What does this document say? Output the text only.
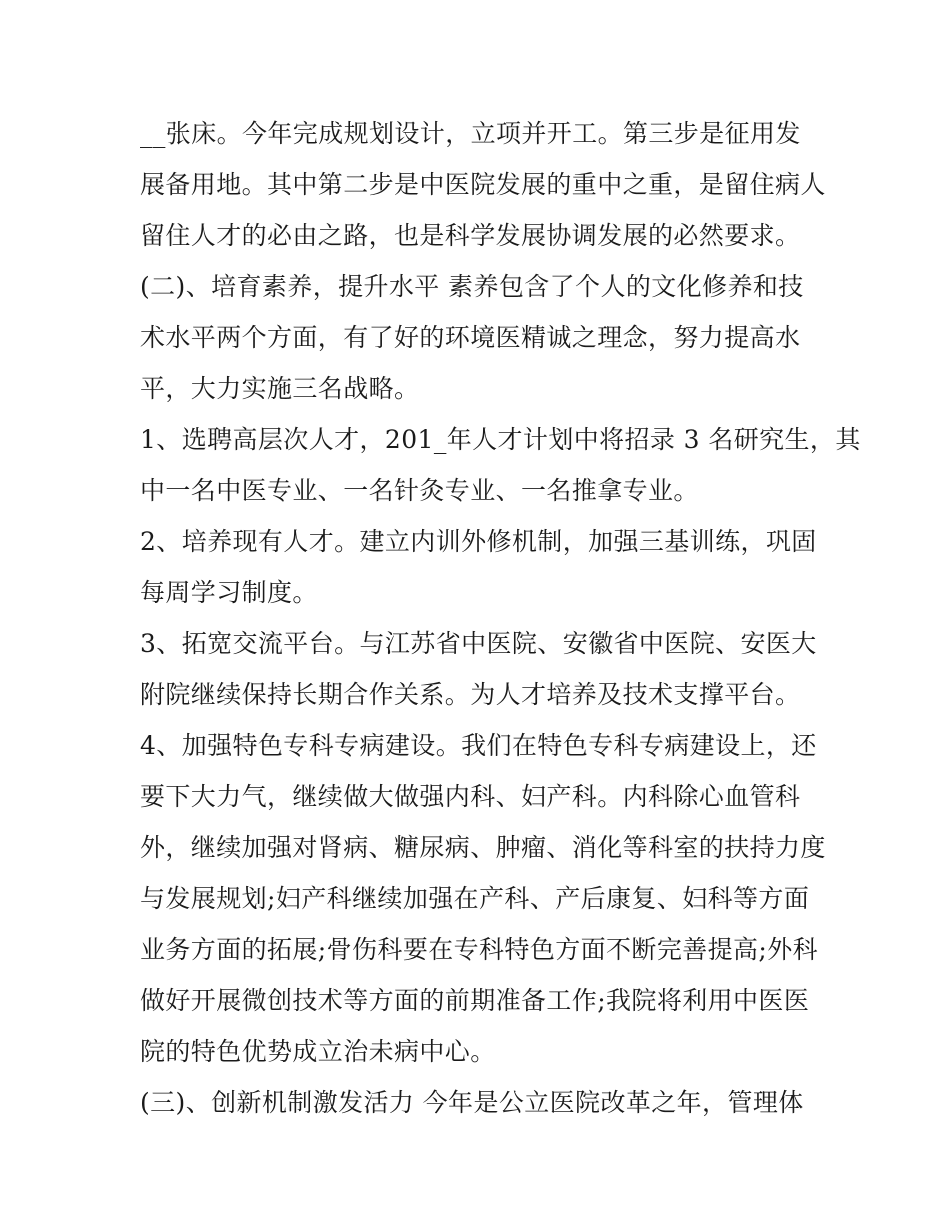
__张床。今年完成规划设计，立项并开工。第三步是征用发
展备用地。其中第二步是中医院发展的重中之重，是留住病人
留住人才的必由之路，也是科学发展协调发展的必然要求。
(二)、培育素养，提升水平 素养包含了个人的文化修养和技
术水平两个方面，有了好的环境医精诚之理念，努力提高水
平，大力实施三名战略。
1、选聘高层次人才，201_年人才计划中将招录 3 名研究生，其
中一名中医专业、一名针灸专业、一名推拿专业。
2、培养现有人才。建立内训外修机制，加强三基训练，巩固
每周学习制度。
3、拓宽交流平台。与江苏省中医院、安徽省中医院、安医大
附院继续保持长期合作关系。为人才培养及技术支撑平台。
4、加强特色专科专病建设。我们在特色专科专病建设上，还
要下大力气，继续做大做强内科、妇产科。内科除心血管科
外，继续加强对肾病、糖尿病、肿瘤、消化等科室的扶持力度
与发展规划;妇产科继续加强在产科、产后康复、妇科等方面
业务方面的拓展;骨伤科要在专科特色方面不断完善提高;外科
做好开展微创技术等方面的前期准备工作;我院将利用中医医
院的特色优势成立治未病中心。
(三)、创新机制激发活力 今年是公立医院改革之年，管理体
